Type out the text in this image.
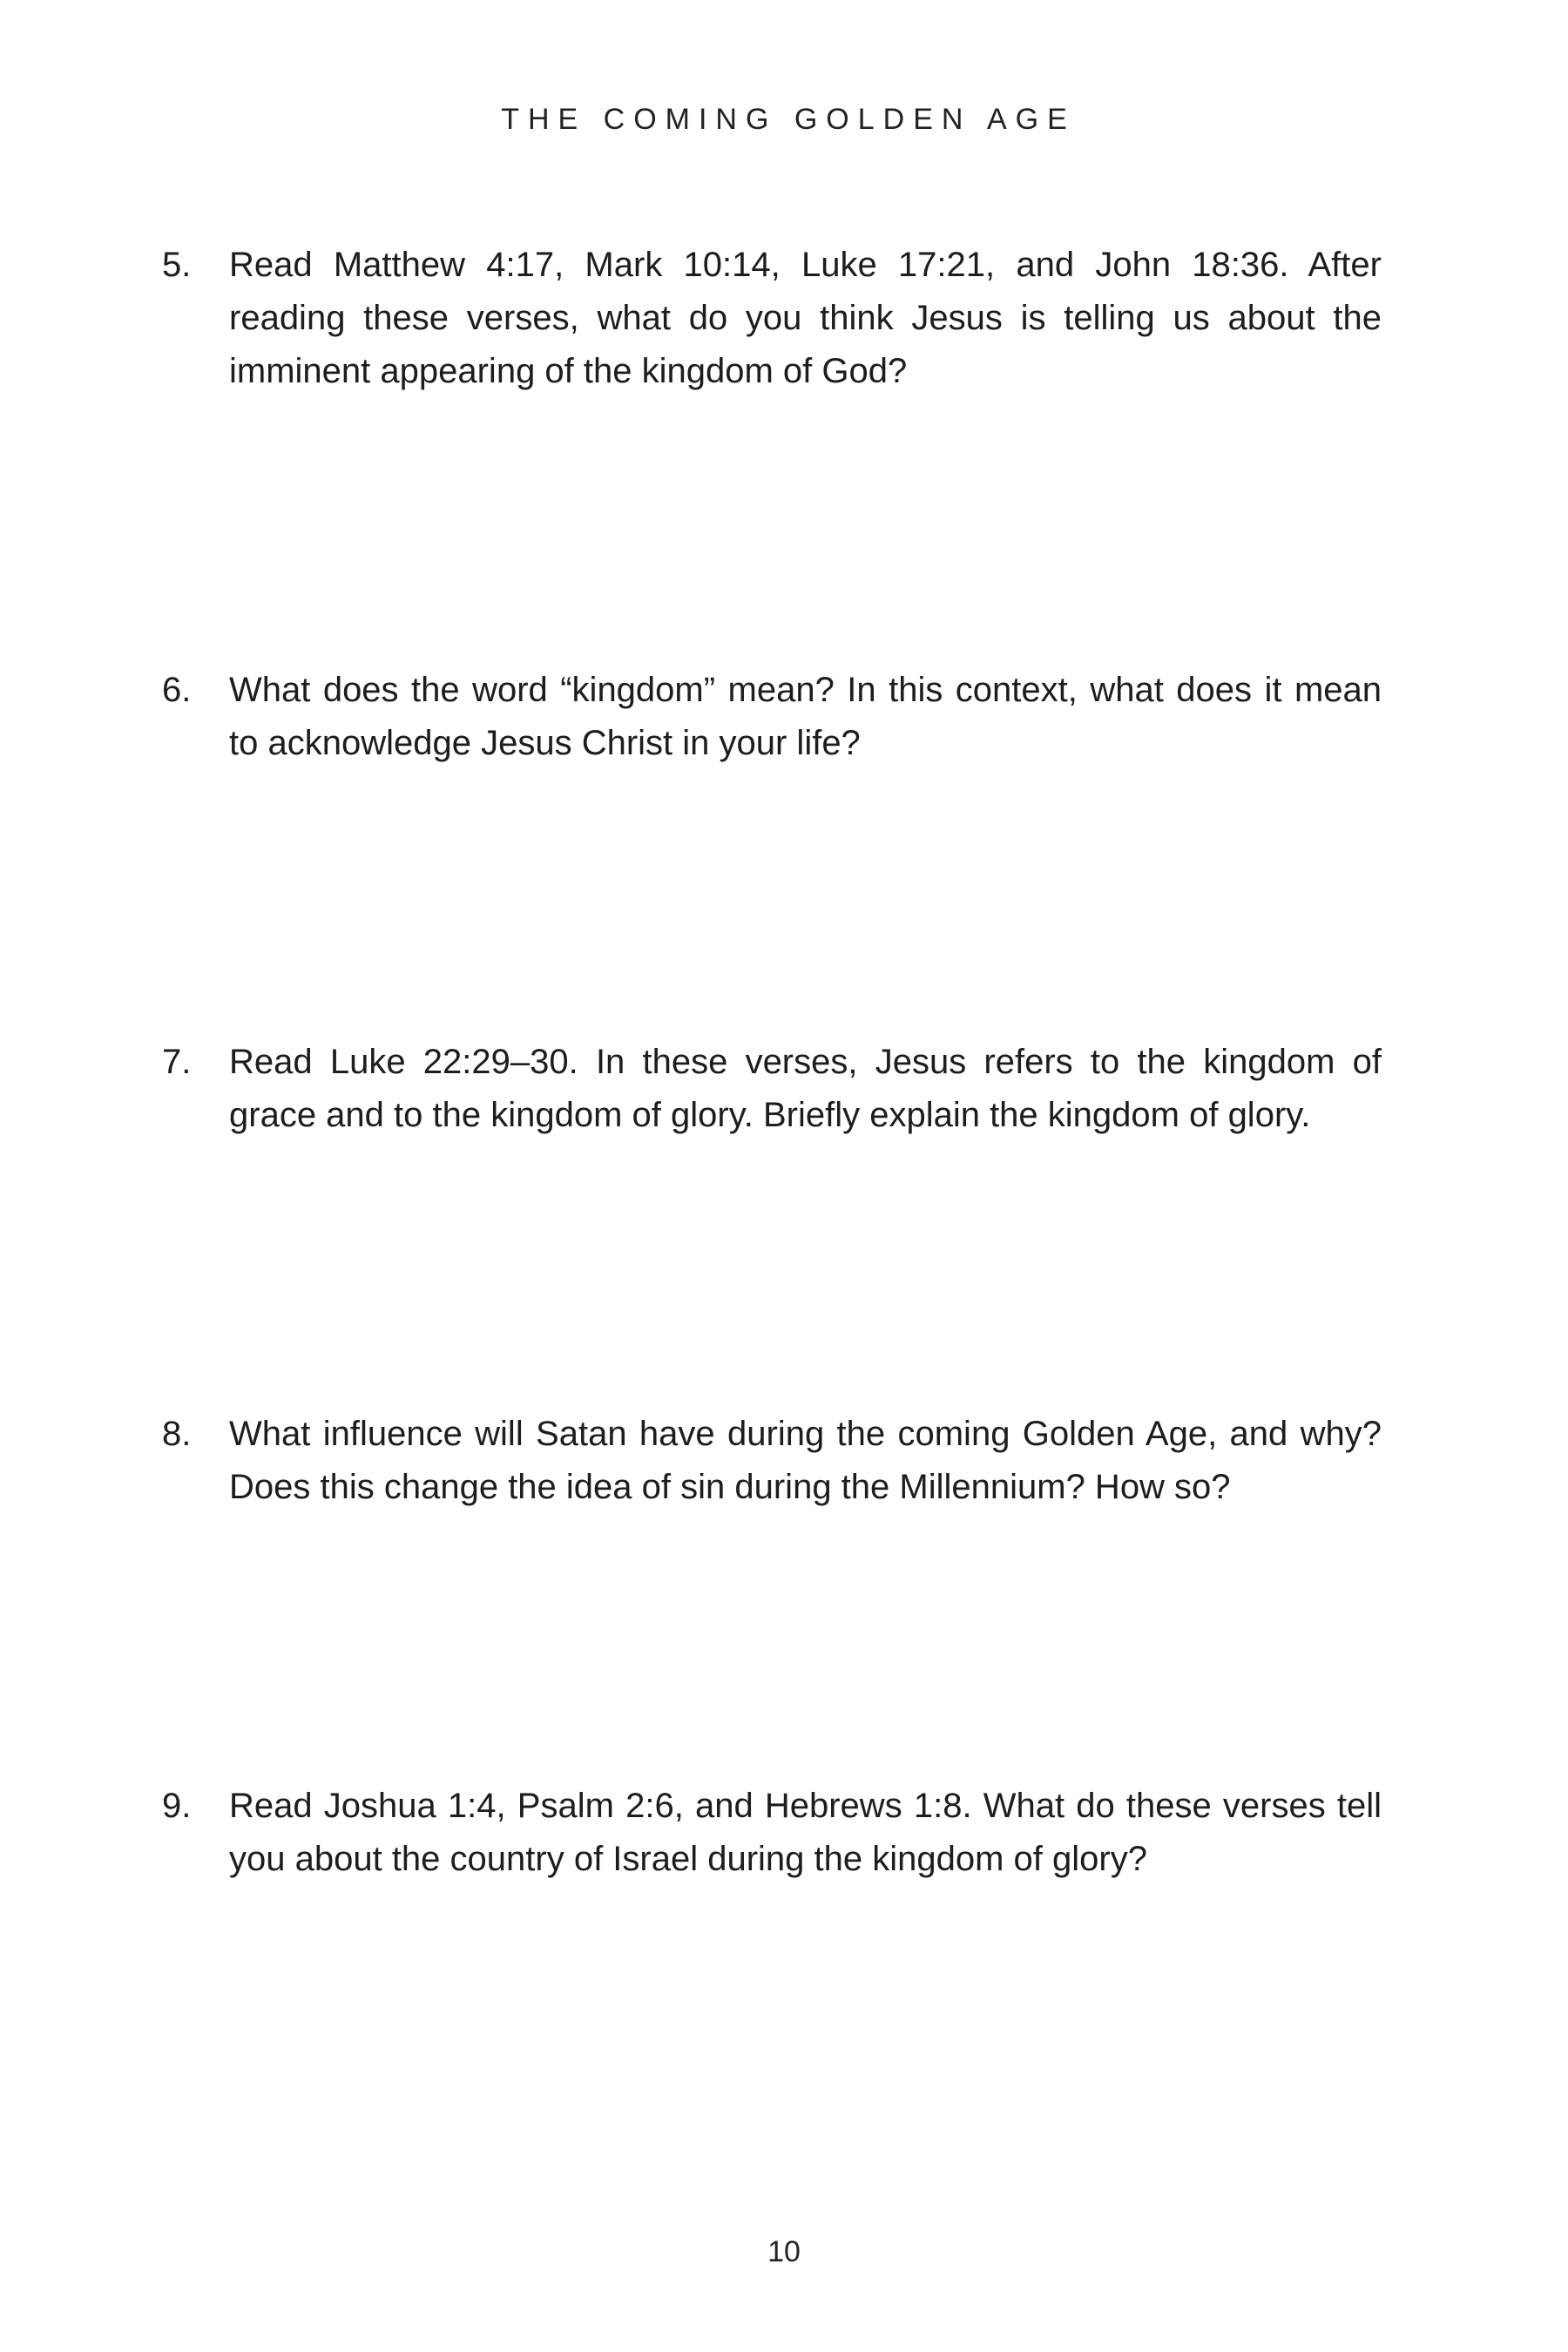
THE COMING GOLDEN AGE
5.	Read Matthew 4:17, Mark 10:14, Luke 17:21, and John 18:36. After reading these verses, what do you think Jesus is telling us about the imminent appearing of the kingdom of God?
6.	What does the word “kingdom” mean? In this context, what does it mean to acknowledge Jesus Christ in your life?
7.	Read Luke 22:29–30. In these verses, Jesus refers to the kingdom of grace and to the kingdom of glory. Briefly explain the kingdom of glory.
8.	What influence will Satan have during the coming Golden Age, and why? Does this change the idea of sin during the Millennium? How so?
9.	Read Joshua 1:4, Psalm 2:6, and Hebrews 1:8. What do these verses tell you about the country of Israel during the kingdom of glory?
10
